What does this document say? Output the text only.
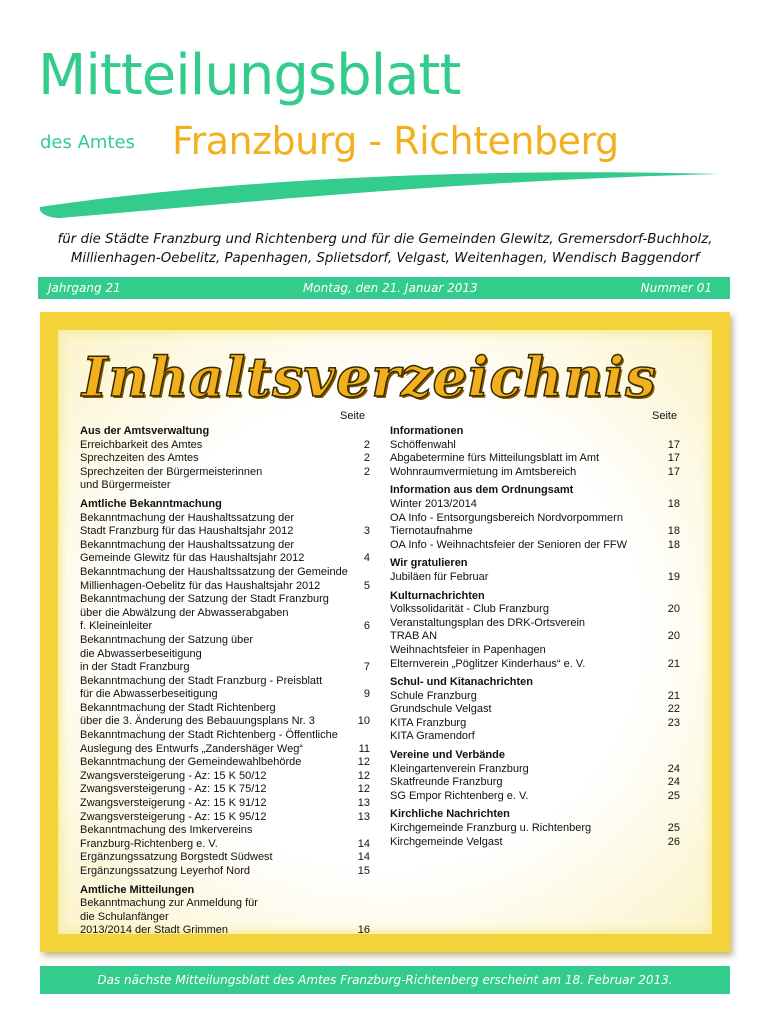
Mitteilungsblatt
des Amtes Franzburg - Richtenberg
für die Städte Franzburg und Richtenberg und für die Gemeinden Glewitz, Gremersdorf-Buchholz,
Millienhagen-Oebelitz, Papenhagen, Splietsdorf, Velgast, Weitenhagen, Wendisch Baggendorf
Jahrgang 21	Montag, den 21. Januar 2013	Nummer 01
Inhaltsverzeichnis
Seite	Seite
Aus der Amtsverwaltung
Erreichbarkeit des Amtes	2
Sprechzeiten des Amtes	2
Sprechzeiten der Bürgermeisterinnen	2
und Bürgermeister
Amtliche Bekanntmachung
Bekanntmachung der Haushaltssatzung der
Stadt Franzburg für das Haushaltsjahr 2012	3
Bekanntmachung der Haushaltssatzung der
Gemeinde Glewitz für das Haushaltsjahr 2012	4
Bekanntmachung der Haushaltssatzung der Gemeinde
Millienhagen-Oebelitz für das Haushaltsjahr 2012	5
Bekanntmachung der Satzung der Stadt Franzburg
über die Abwälzung der Abwasserabgaben
f. Kleineinleiter	6
Bekanntmachung der Satzung über
die Abwasserbeseitigung
in der Stadt Franzburg	7
Bekanntmachung der Stadt Franzburg - Preisblatt
für die Abwasserbeseitigung	9
Bekanntmachung der Stadt Richtenberg
über die 3. Änderung des Bebauungsplans Nr. 3	10
Bekanntmachung der Stadt Richtenberg - Öffentliche
Auslegung des Entwurfs „Zandershäger Weg“	11
Bekanntmachung der Gemeindewahlbehörde	12
Zwangsversteigerung - Az: 15 K 50/12	12
Zwangsversteigerung - Az: 15 K 75/12	12
Zwangsversteigerung - Az: 15 K 91/12	13
Zwangsversteigerung - Az: 15 K 95/12	13
Bekanntmachung des Imkervereins
Franzburg-Richtenberg e. V.	14
Ergänzungssatzung Borgstedt Südwest	14
Ergänzungssatzung Leyerhof Nord	15
Amtliche Mitteilungen
Bekanntmachung zur Anmeldung für
die Schulanfänger
2013/2014 der Stadt Grimmen	16
Informationen
Schöffenwahl	17
Abgabetermine fürs Mitteilungsblatt im Amt	17
Wohnraumvermietung im Amtsbereich	17
Information aus dem Ordnungsamt
Winter 2013/2014	18
OA Info - Entsorgungsbereich Nordvorpommern
Tiernotaufnahme	18
OA Info - Weihnachtsfeier der Senioren der FFW	18
Wir gratulieren
Jubiläen für Februar	19
Kulturnachrichten
Volkssolidarität - Club Franzburg	20
Veranstaltungsplan des DRK-Ortsverein
TRAB AN	20
Weihnachtsfeier in Papenhagen
Elternverein „Pöglitzer Kinderhaus“ e. V.	21
Schul- und Kitanachrichten
Schule Franzburg	21
Grundschule Velgast	22
KITA Franzburg	23
KITA Gramendorf
Vereine und Verbände
Kleingartenverein Franzburg	24
Skatfreunde Franzburg	24
SG Empor Richtenberg e. V.	25
Kirchliche Nachrichten
Kirchgemeinde Franzburg u. Richtenberg	25
Kirchgemeinde Velgast	26
Das nächste Mitteilungsblatt des Amtes Franzburg-Richtenberg erscheint am 18. Februar 2013.
